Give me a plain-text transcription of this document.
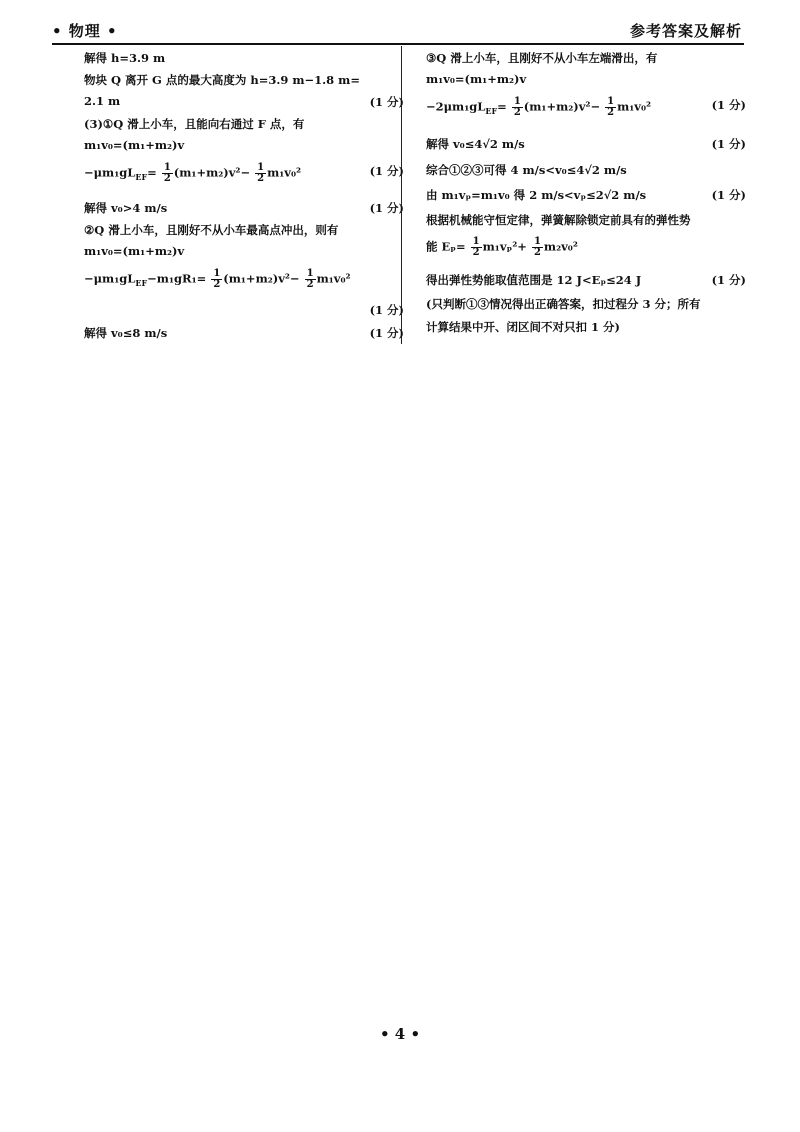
• 物理 •	参考答案及解析
解得 h=3.9 m
物块 Q 离开 G 点的最大高度为 h=3.9 m−1.8 m=
2.1 m	(1 分)
(3)①Q 滑上小车，且能向右通过 F 点，有
m₁v₀=(m₁+m₂)v
$-\mu m_1gL_{EF}= \frac{1}{2} (m_1+m_2)v^2- \frac{1}{2} m_1v_0^2$	(1 分)
解得 v₀>4 m/s	(1 分)
②Q 滑上小车，且刚好不从小车最高点冲出，则有
m₁v₀=(m₁+m₂)v
$-\mu m_1gL_{EF}-m_1gR_1= \frac{1}{2} (m_1+m_2)v^2- \frac{1}{2} m_1v_0^2$
(1 分)
解得 v₀≤8 m/s	(1 分)
③Q 滑上小车，且刚好不从小车左端滑出，有
m₁v₀=(m₁+m₂)v
$-2\mu m_1gL_{EF}= \frac{1}{2} (m_1+m_2)v^2- \frac{1}{2} m_1v_0^2$	(1 分)
解得 v₀≤4√2 m/s	(1 分)
综合①②③可得 4 m/s<v₀≤4√2 m/s
由 m₁vₚ=m₁v₀ 得 2 m/s<vₚ≤2√2 m/s	(1 分)
根据机械能守恒定律，弹簧解除锁定前具有的弹性势
能 $E_p= \frac{1}{2} m_1v_p^2+ \frac{1}{2} m_2v_0^2$
得出弹性势能取值范围是 12 J<Eₚ≤24 J	(1 分)
(只判断①③情况得出正确答案，扣过程分 3 分；所有
计算结果中开、闭区间不对只扣 1 分)
• 4 •
